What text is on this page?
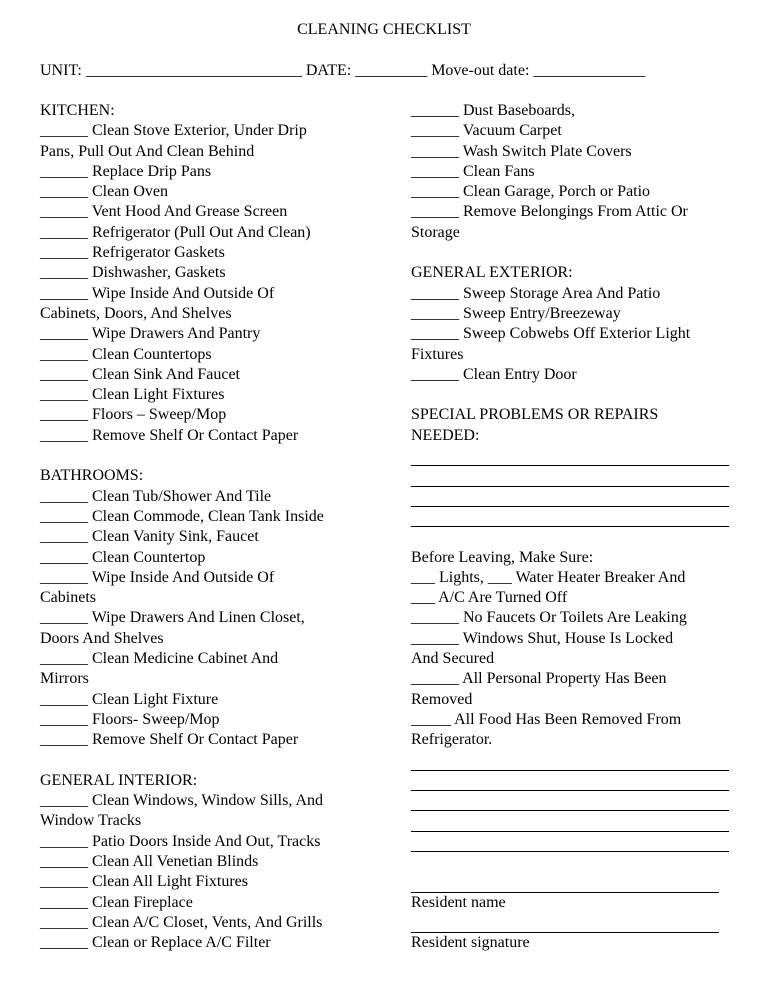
CLEANING CHECKLIST
UNIT: ___________________________ DATE: _________ Move-out date: ______________
KITCHEN:
______ Clean Stove Exterior, Under Drip
Pans, Pull Out And Clean Behind
______ Replace Drip Pans
______ Clean Oven
______ Vent Hood And Grease Screen
______ Refrigerator (Pull Out And Clean)
______ Refrigerator Gaskets
______ Dishwasher, Gaskets
______ Wipe Inside And Outside Of
Cabinets, Doors, And Shelves
______ Wipe Drawers And Pantry
______ Clean Countertops
______ Clean Sink And Faucet
______ Clean Light Fixtures
______ Floors – Sweep/Mop
______ Remove Shelf Or Contact Paper
BATHROOMS:
______ Clean Tub/Shower And Tile
______ Clean Commode, Clean Tank Inside
______ Clean Vanity Sink, Faucet
______ Clean Countertop
______ Wipe Inside And Outside Of
Cabinets
______ Wipe Drawers And Linen Closet,
Doors And Shelves
______ Clean Medicine Cabinet And
Mirrors
______ Clean Light Fixture
______ Floors- Sweep/Mop
______ Remove Shelf Or Contact Paper
GENERAL INTERIOR:
______ Clean Windows, Window Sills, And
Window Tracks
______ Patio Doors Inside And Out, Tracks
______ Clean All Venetian Blinds
______ Clean All Light Fixtures
______ Clean Fireplace
______ Clean A/C Closet, Vents, And Grills
______ Clean or Replace A/C Filter
______ Dust Baseboards,
______ Vacuum Carpet
______ Wash Switch Plate Covers
______ Clean Fans
______ Clean Garage, Porch or Patio
______ Remove Belongings From Attic Or
Storage
GENERAL EXTERIOR:
______ Sweep Storage Area And Patio
______ Sweep Entry/Breezeway
______ Sweep Cobwebs Off Exterior Light
Fixtures
______ Clean Entry Door
SPECIAL PROBLEMS OR REPAIRS
NEEDED:
Before Leaving, Make Sure:
___ Lights, ___ Water Heater Breaker And
___ A/C Are Turned Off
______ No Faucets Or Toilets Are Leaking
______ Windows Shut, House Is Locked
And Secured
______ All Personal Property Has Been
Removed
_____ All Food Has Been Removed From
Refrigerator.
Resident name
Resident signature
